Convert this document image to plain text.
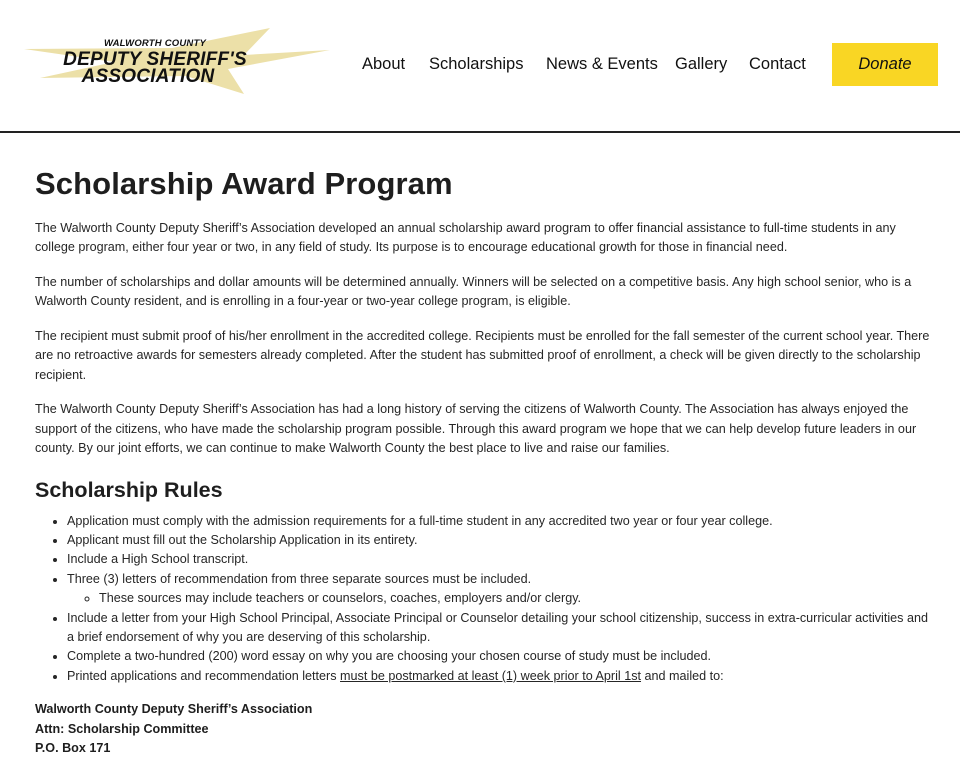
WALWORTH COUNTY
DEPUTY SHERIFF'S
ASSOCIATION
About Scholarships News & Events Gallery Contact	Donate
Scholarship Award Program

The Walworth County Deputy Sheriff’s Association developed an annual scholarship award program to offer financial assistance to full-time students in any college program, either four year or two, in any field of study. Its purpose is to encourage educational growth for those in financial need.

The number of scholarships and dollar amounts will be determined annually. Winners will be selected on a competitive basis. Any high school senior, who is a Walworth County resident, and is enrolling in a four-year or two-year college program, is eligible.

The recipient must submit proof of his/her enrollment in the accredited college. Recipients must be enrolled for the fall semester of the current school year. There are no retroactive awards for semesters already completed. After the student has submitted proof of enrollment, a check will be given directly to the scholarship recipient.

The Walworth County Deputy Sheriff’s Association has had a long history of serving the citizens of Walworth County. The Association has always enjoyed the support of the citizens, who have made the scholarship program possible. Through this award program we hope that we can help develop future leaders in our county. By our joint efforts, we can continue to make Walworth County the best place to live and raise our families.

Scholarship Rules
• Application must comply with the admission requirements for a full-time student in any accredited two year or four year college.
• Applicant must fill out the Scholarship Application in its entirety.
• Include a High School transcript.
• Three (3) letters of recommendation from three separate sources must be included.
◦ These sources may include teachers or counselors, coaches, employers and/or clergy.
• Include a letter from your High School Principal, Associate Principal or Counselor detailing your school citizenship, success in extra-curricular activities and a brief endorsement of why you are deserving of this scholarship.
• Complete a two-hundred (200) word essay on why you are choosing your chosen course of study must be included.
• Printed applications and recommendation letters must be postmarked at least (1) week prior to April 1st and mailed to:
Walworth County Deputy Sheriff’s Association
Attn: Scholarship Committee
P.O. Box 171
